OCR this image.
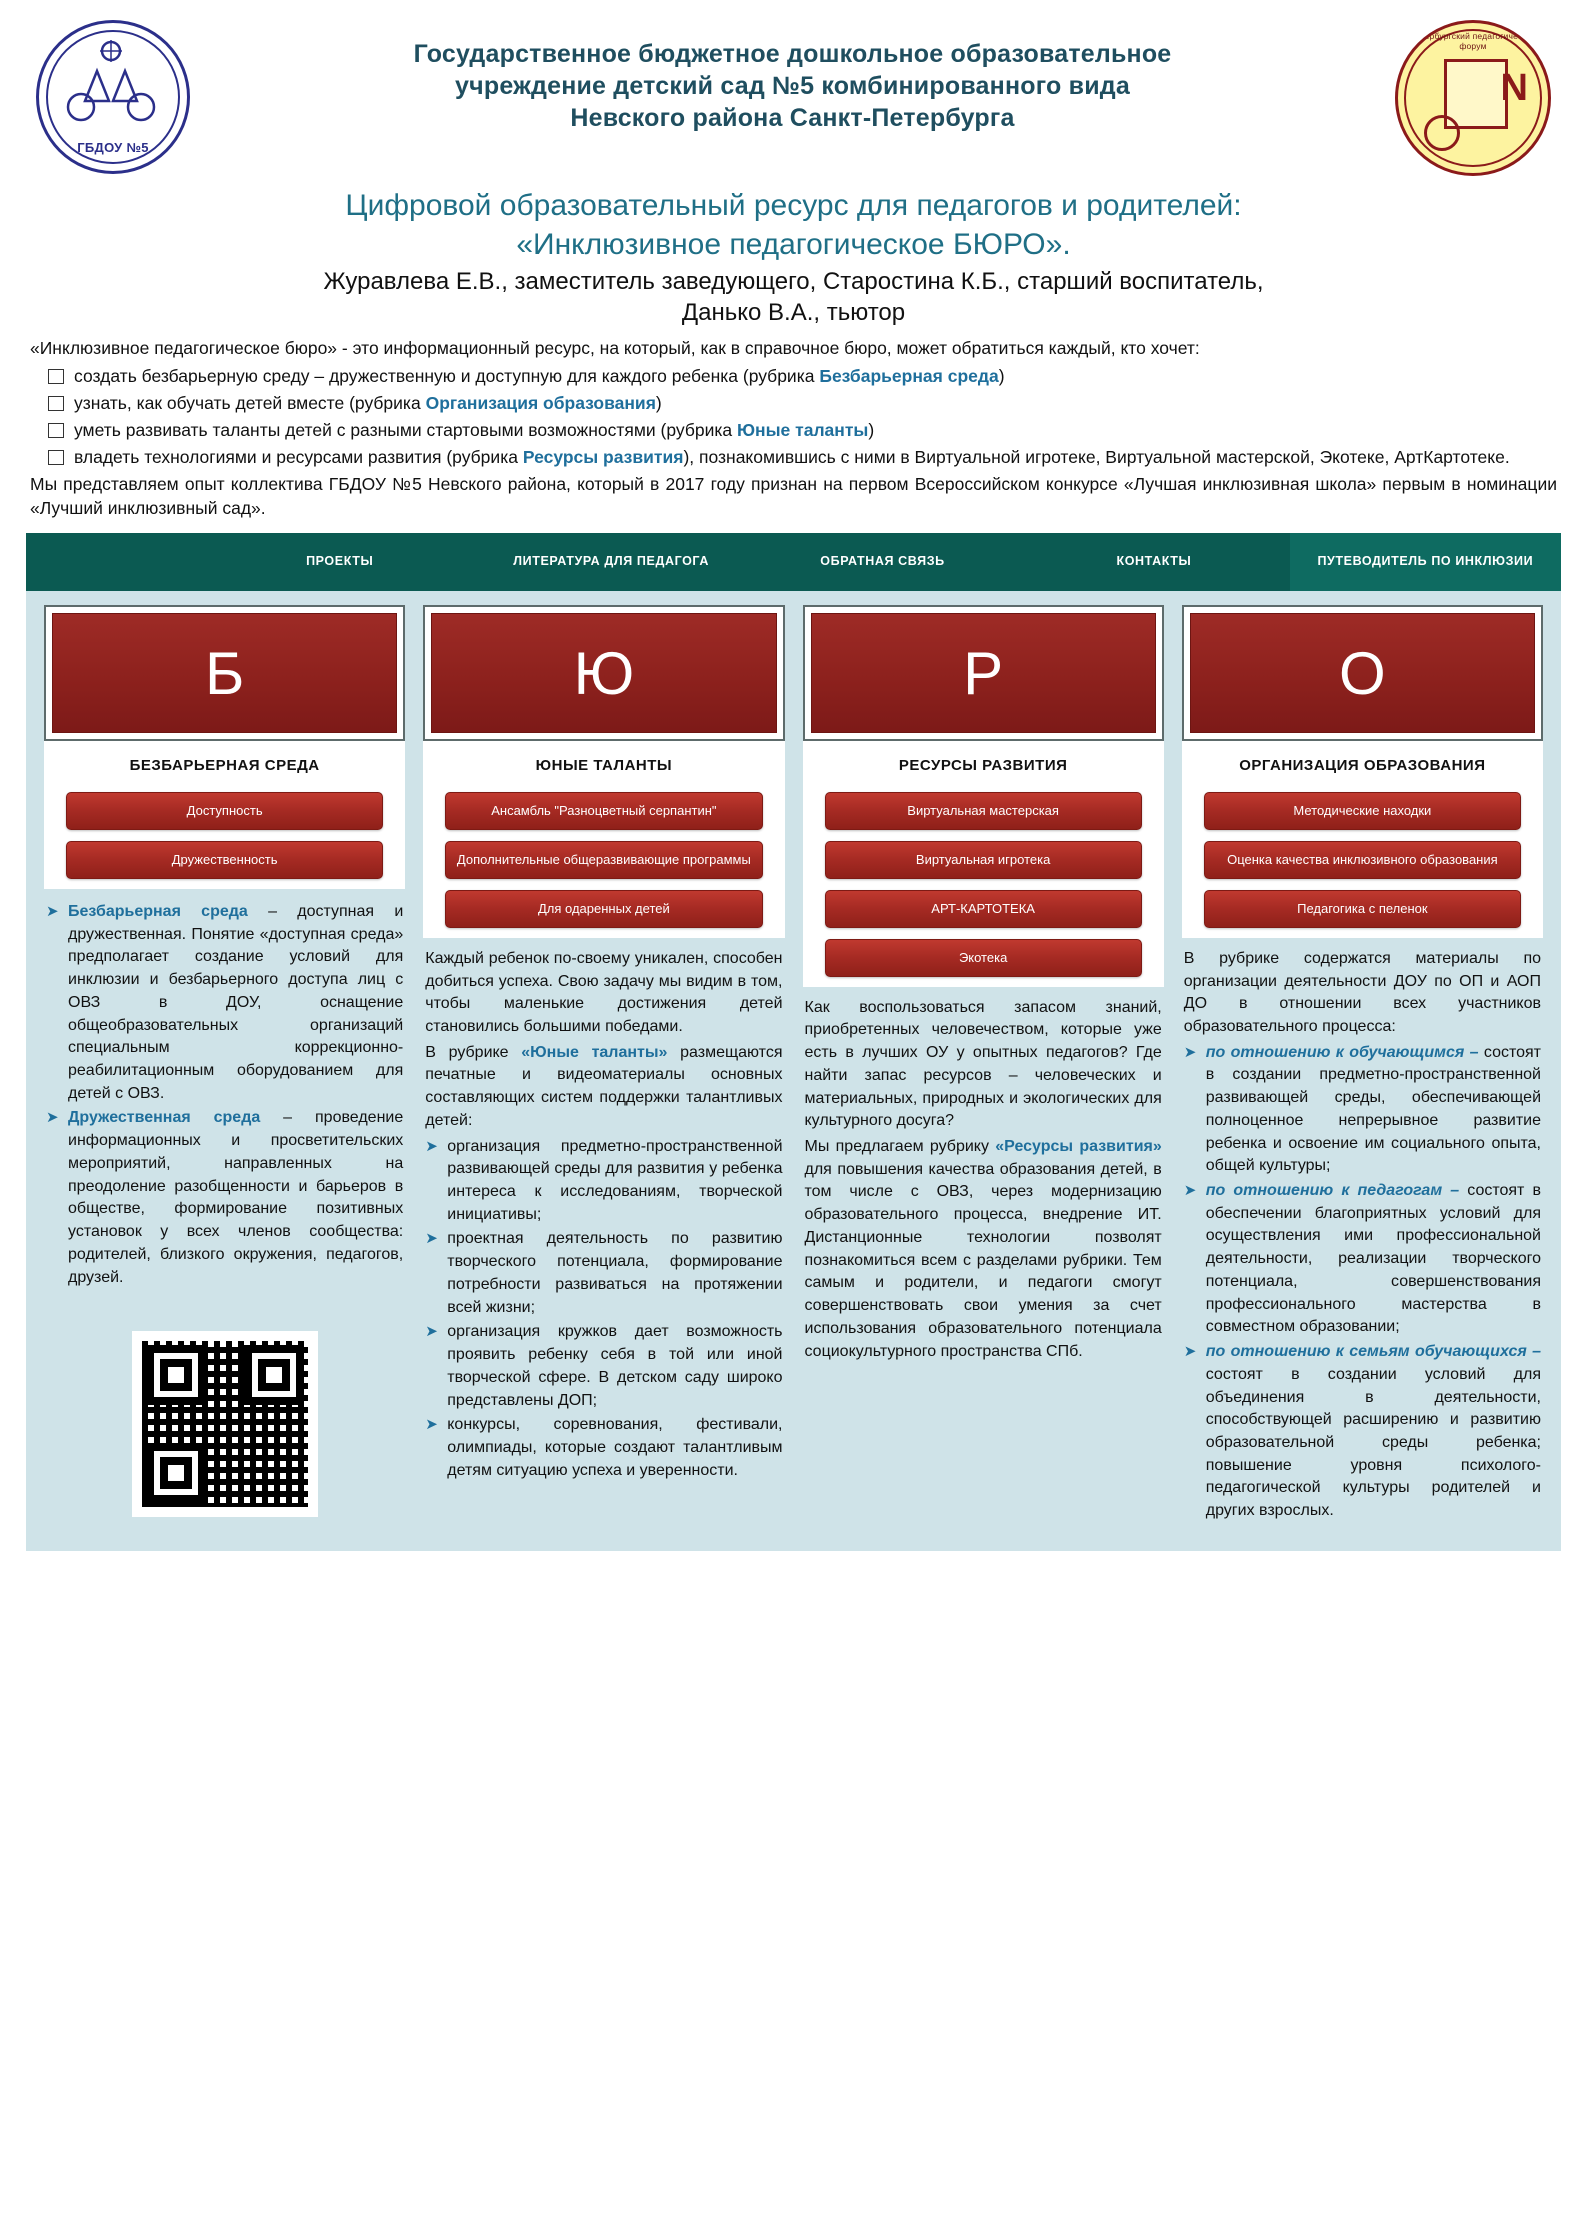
ГБДОУ №5
Государственное бюджетное дошкольное образовательное
учреждение детский сад №5 комбинированного вида
Невского района Санкт-Петербурга
Петербургский педагогический форум
N
Цифровой образовательный ресурс для педагогов и родителей:
«Инклюзивное педагогическое БЮРО».
Журавлева Е.В., заместитель заведующего, Старостина К.Б., старший воспитатель,
Данько В.А., тьютор

«Инклюзивное педагогическое бюро» - это информационный ресурс, на который, как в справочное бюро, может обратиться каждый, кто хочет:

создать безбарьерную среду – дружественную и доступную для каждого ребенка (рубрика Безбарьерная среда)
узнать, как обучать детей вместе (рубрика Организация образования)
уметь развивать таланты детей с разными стартовыми возможностями (рубрика Юные таланты)
владеть технологиями и ресурсами развития (рубрика Ресурсы развития), познакомившись с ними в Виртуальной игротеке, Виртуальной мастерской, Экотеке, АртКартотеке.

Мы представляем опыт коллектива ГБДОУ №5 Невского района, который в 2017 году признан на первом Всероссийском конкурсе «Лучшая инклюзивная школа» первым в номинации «Лучший инклюзивный сад».

ПРОЕКТЫ	ЛИТЕРАТУРА ДЛЯ ПЕДАГОГА	ОБРАТНАЯ СВЯЗЬ	КОНТАКТЫ	ПУТЕВОДИТЕЛЬ ПО ИНКЛЮЗИИ
Б
БЕЗБАРЬЕРНАЯ СРЕДА
Доступность
Дружественность
➤ Безбарьерная среда – доступная и дружественная. Понятие «доступная среда» предполагает создание условий для инклюзии и безбарьерного доступа лиц с ОВЗ в ДОУ, оснащение общеобразовательных организаций специальным коррекционно-реабилитационным оборудованием для детей с ОВЗ.
➤ Дружественная среда – проведение информационных и просветительских мероприятий, направленных на преодоление разобщенности и барьеров в обществе, формирование позитивных установок у всех членов сообщества: родителей, близкого окружения, педагогов, друзей.
Ю
ЮНЫЕ ТАЛАНТЫ
Ансамбль "Разноцветный серпантин"
Дополнительные общеразвивающие программы
Для одаренных детей

Каждый ребенок по-своему уникален, способен добиться успеха. Свою задачу мы видим в том, чтобы маленькие достижения детей становились большими победами.

В рубрике «Юные таланты» размещаются печатные и видеоматериалы основных составляющих систем поддержки талантливых детей:

➤ организация предметно-пространственной развивающей среды для развития у ребенка интереса к исследованиям, творческой инициативы;
➤ проектная деятельность по развитию творческого потенциала, формирование потребности развиваться на протяжении всей жизни;
➤ организация кружков дает возможность проявить ребенку себя в той или иной творческой сфере. В детском саду широко представлены ДОП;
➤ конкурсы, соревнования, фестивали, олимпиады, которые создают талантливым детям ситуацию успеха и уверенности.
Р
РЕСУРСЫ РАЗВИТИЯ
Виртуальная мастерская
Виртуальная игротека
АРТ-КАРТОТЕКА
Экотека

Как воспользоваться запасом знаний, приобретенных человечеством, которые уже есть в лучших ОУ у опытных педагогов? Где найти запас ресурсов – человеческих и материальных, природных и экологических для культурного досуга?

Мы предлагаем рубрику «Ресурсы развития» для повышения качества образования детей, в том числе с ОВЗ, через модернизацию образовательного процесса, внедрение ИТ. Дистанционные технологии позволят познакомиться всем с разделами рубрики. Тем самым и родители, и педагоги смогут совершенствовать свои умения за счет использования образовательного потенциала социокультурного пространства СПб.

О
ОРГАНИЗАЦИЯ ОБРАЗОВАНИЯ
Методические находки
Оценка качества инклюзивного образования
Педагогика с пеленок

В рубрике содержатся материалы по организации деятельности ДОУ по ОП и АОП ДО в отношении всех участников образовательного процесса:

➤ по отношению к обучающимся – состоят в создании предметно-пространственной развивающей среды, обеспечивающей полноценное непрерывное развитие ребенка и освоение им социального опыта, общей культуры;
➤ по отношению к педагогам – состоят в обеспечении благоприятных условий для осуществления ими профессиональной деятельности, реализации творческого потенциала, совершенствования профессионального мастерства в совместном образовании;
➤ по отношению к семьям обучающихся – состоят в создании условий для объединения в деятельности, способствующей расширению и развитию образовательной среды ребенка; повышение уровня психолого-педагогической культуры родителей и других взрослых.
